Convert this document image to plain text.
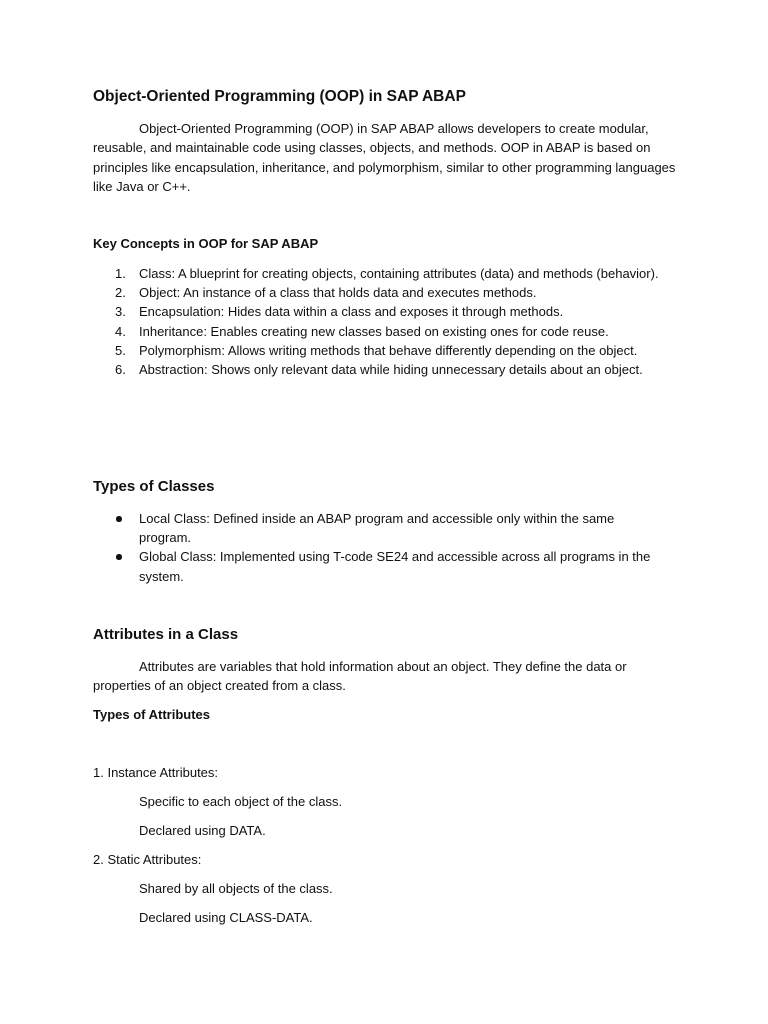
Object-Oriented Programming (OOP) in SAP ABAP

Object-Oriented Programming (OOP) in SAP ABAP allows developers to create modular, reusable, and maintainable code using classes, objects, and methods. OOP in ABAP is based on principles like encapsulation, inheritance, and polymorphism, similar to other programming languages like Java or C++.

Key Concepts in OOP for SAP ABAP
1. Class: A blueprint for creating objects, containing attributes (data) and methods (behavior).
2. Object: An instance of a class that holds data and executes methods.
3. Encapsulation: Hides data within a class and exposes it through methods.
4. Inheritance: Enables creating new classes based on existing ones for code reuse.
5. Polymorphism: Allows writing methods that behave differently depending on the object.
6. Abstraction: Shows only relevant data while hiding unnecessary details about an object.
Types of Classes
Local Class: Defined inside an ABAP program and accessible only within the same program.
Global Class: Implemented using T-code SE24 and accessible across all programs in the system.
Attributes in a Class

Attributes are variables that hold information about an object. They define the data or properties of an object created from a class.

Types of Attributes
1. Instance Attributes:
Specific to each object of the class.
Declared using DATA.
2. Static Attributes:
Shared by all objects of the class.
Declared using CLASS-DATA.
